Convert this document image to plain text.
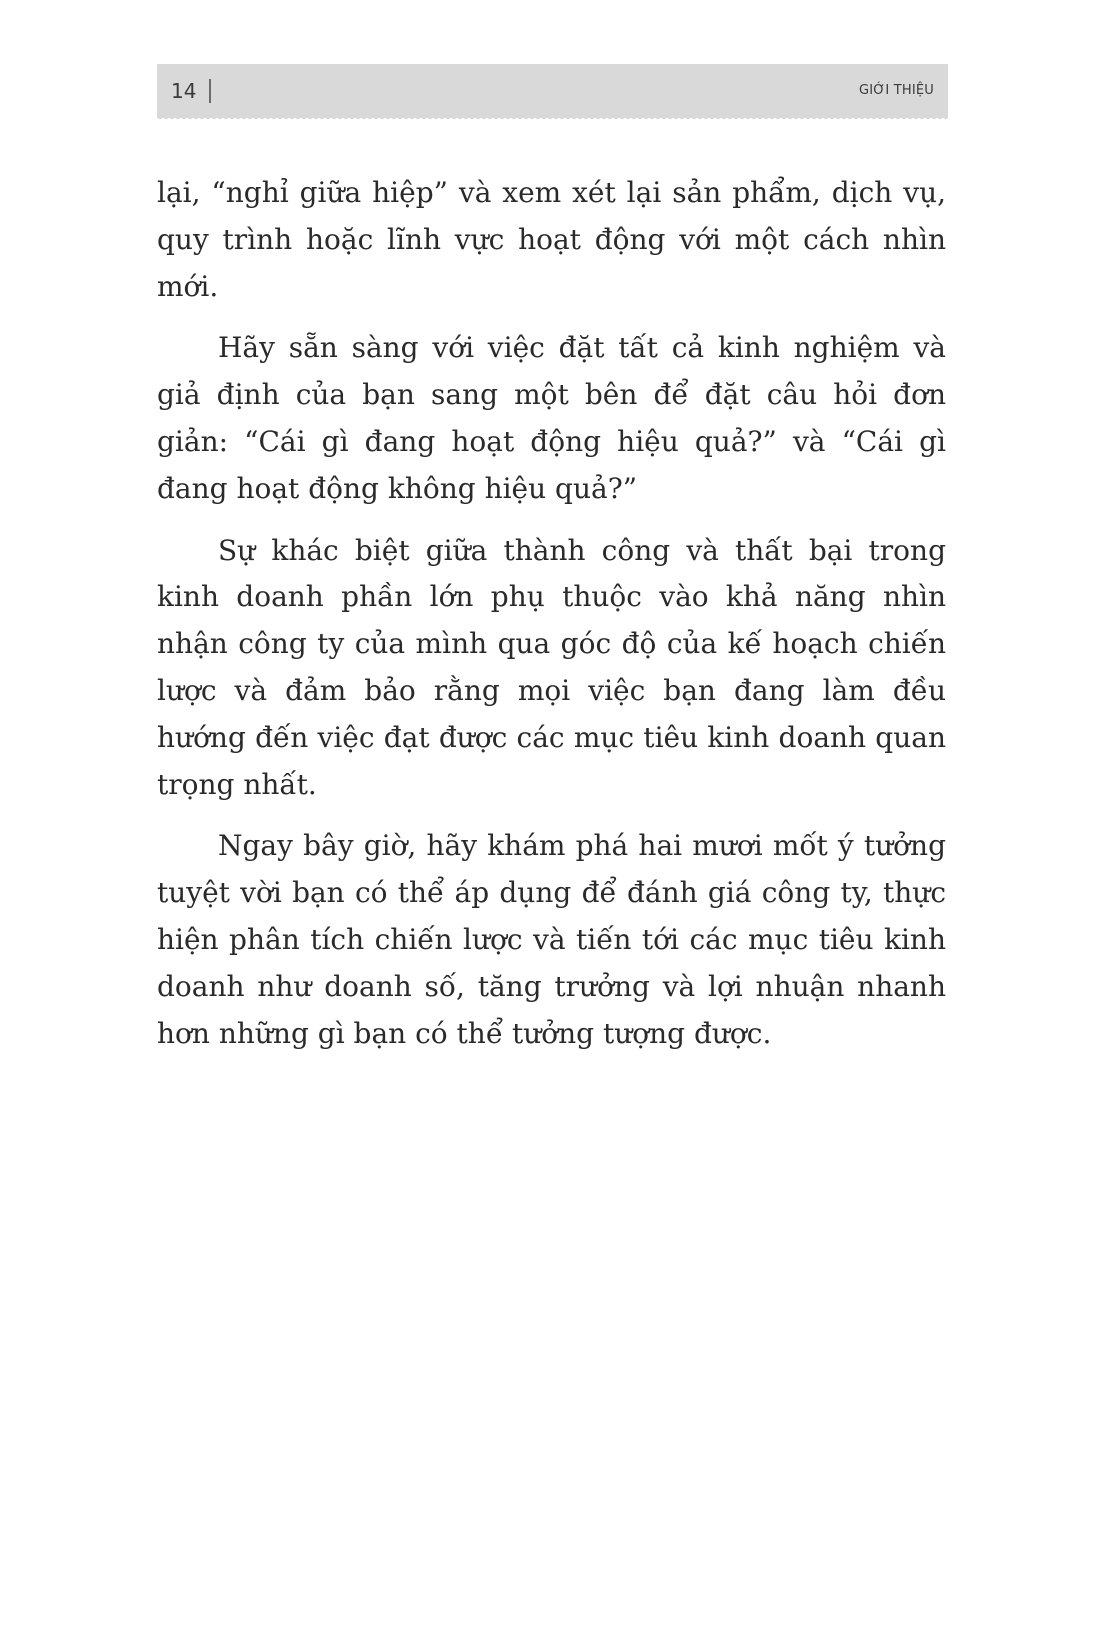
14	GIỚI THIỆU

lại, “nghỉ giữa hiệp” và xem xét lại sản phẩm, dịch vụ, quy trình hoặc lĩnh vực hoạt động với một cách nhìn mới.

Hãy sẵn sàng với việc đặt tất cả kinh nghiệm và giả định của bạn sang một bên để đặt câu hỏi đơn giản: “Cái gì đang hoạt động hiệu quả?” và “Cái gì đang hoạt động không hiệu quả?”

Sự khác biệt giữa thành công và thất bại trong kinh doanh phần lớn phụ thuộc vào khả năng nhìn nhận công ty của mình qua góc độ của kế hoạch chiến lược và đảm bảo rằng mọi việc bạn đang làm đều hướng đến việc đạt được các mục tiêu kinh doanh quan trọng nhất.

Ngay bây giờ, hãy khám phá hai mươi mốt ý tưởng tuyệt vời bạn có thể áp dụng để đánh giá công ty, thực hiện phân tích chiến lược và tiến tới các mục tiêu kinh doanh như doanh số, tăng trưởng và lợi nhuận nhanh hơn những gì bạn có thể tưởng tượng được.
